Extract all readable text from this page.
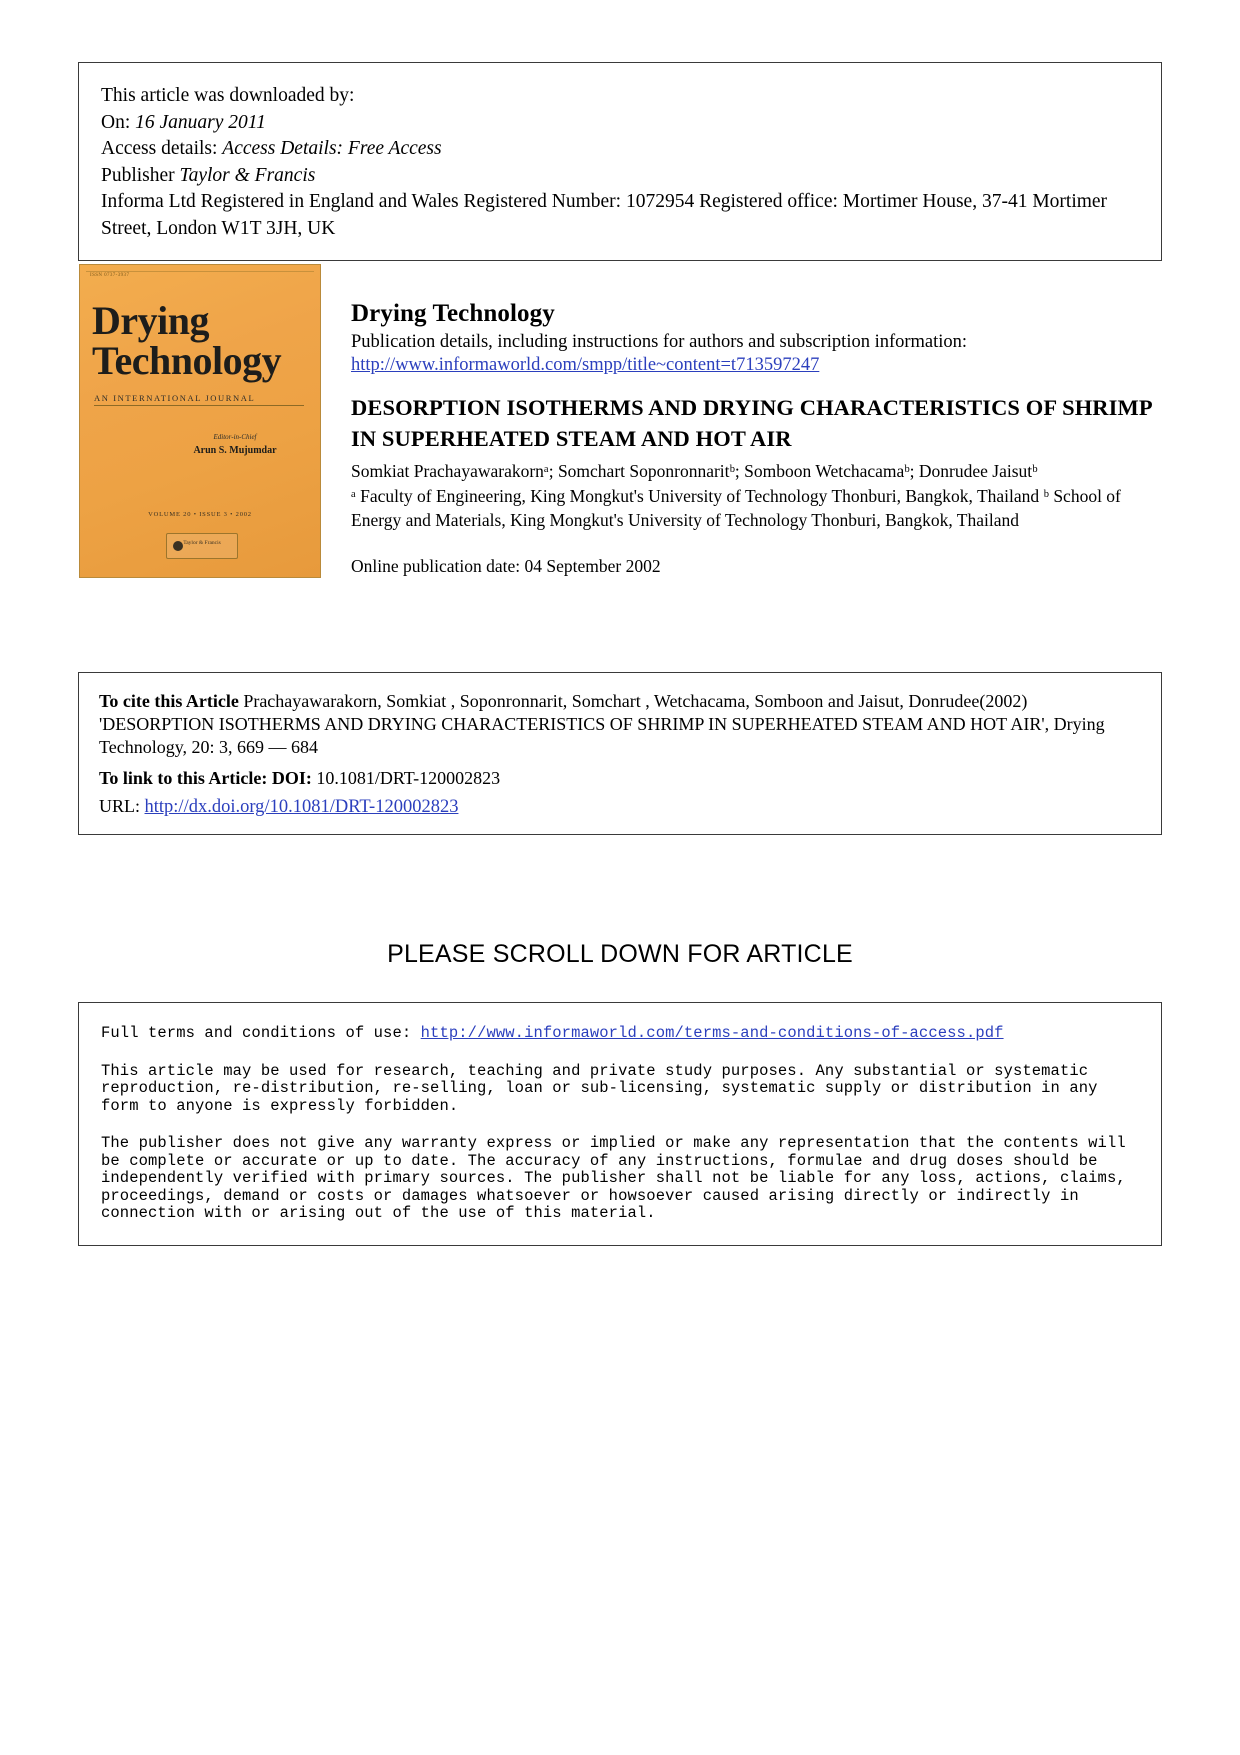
This article was downloaded by:
On: 16 January 2011
Access details: Access Details: Free Access
Publisher Taylor & Francis
Informa Ltd Registered in England and Wales Registered Number: 1072954 Registered office: Mortimer House, 37-41 Mortimer Street, London W1T 3JH, UK
ISSN 0737-3937
Drying
Technology
AN INTERNATIONAL JOURNAL
Editor-in-Chief
Arun S. Mujumdar
VOLUME 20 • ISSUE 3 • 2002
Taylor & Francis
Drying Technology
Publication details, including instructions for authors and subscription information:
http://www.informaworld.com/smpp/title~content=t713597247
DESORPTION ISOTHERMS AND DRYING CHARACTERISTICS OF SHRIMP IN SUPERHEATED STEAM AND HOT AIR
Somkiat Prachayawarakornᵃ; Somchart Soponronnaritᵇ; Somboon Wetchacamaᵇ; Donrudee Jaisutᵇ
ᵃ Faculty of Engineering, King Mongkut's University of Technology Thonburi, Bangkok, Thailand ᵇ School of Energy and Materials, King Mongkut's University of Technology Thonburi, Bangkok, Thailand
Online publication date: 04 September 2002
To cite this Article Prachayawarakorn, Somkiat , Soponronnarit, Somchart , Wetchacama, Somboon and Jaisut, Donrudee(2002) 'DESORPTION ISOTHERMS AND DRYING CHARACTERISTICS OF SHRIMP IN SUPERHEATED STEAM AND HOT AIR', Drying Technology, 20: 3, 669 — 684
To link to this Article: DOI: 10.1081/DRT-120002823
URL: http://dx.doi.org/10.1081/DRT-120002823
PLEASE SCROLL DOWN FOR ARTICLE

Full terms and conditions of use: http://www.informaworld.com/terms-and-conditions-of-access.pdf

This article may be used for research, teaching and private study purposes. Any substantial or systematic reproduction, re-distribution, re-selling, loan or sub-licensing, systematic supply or distribution in any form to anyone is expressly forbidden.

The publisher does not give any warranty express or implied or make any representation that the contents will be complete or accurate or up to date. The accuracy of any instructions, formulae and drug doses should be independently verified with primary sources. The publisher shall not be liable for any loss, actions, claims, proceedings, demand or costs or damages whatsoever or howsoever caused arising directly or indirectly in connection with or arising out of the use of this material.
